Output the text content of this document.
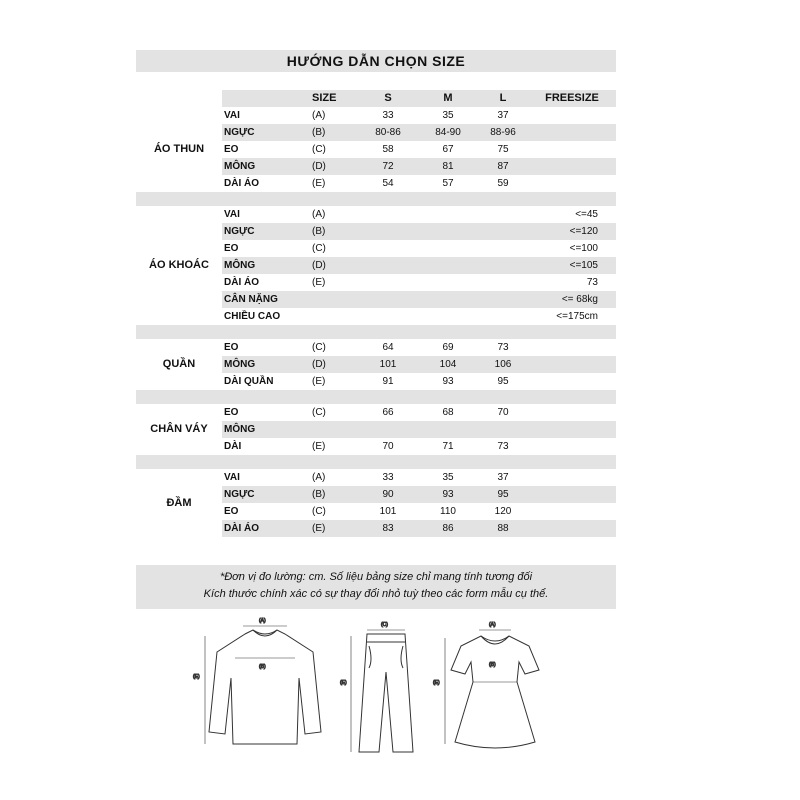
HƯỚNG DẪN CHỌN SIZE
		SIZE	S	M	L	FREESIZE
ÁO THUN	VAI	(A)	33	35	37	
	NGỰC	(B)	80-86	84-90	88-96	
	EO	(C)	58	67	75	
	MÔNG	(D)	72	81	87	
	DÀI ÁO	(E)	54	57	59	

ÁO KHOÁC	VAI	(A)				<=45
	NGỰC	(B)				<=120
	EO	(C)				<=100
	MÔNG	(D)				<=105
	DÀI ÁO	(E)				73
	CÂN NẶNG					<= 68kg
	CHIỀU CAO					<=175cm

QUẦN	EO	(C)	64	69	73	
	MÔNG	(D)	101	104	106	
	DÀI QUẦN	(E)	91	93	95	

CHÂN VÁY	EO	(C)	66	68	70	
	MÔNG					
	DÀI	(E)	70	71	73	

ĐẦM	VAI	(A)	33	35	37	
	NGỰC	(B)	90	93	95	
	EO	(C)	101	110	120	
	DÀI ÁO	(E)	83	86	88	
*Đơn vị đo lường: cm. Số liệu bảng size chỉ mang tính tương đối
Kích thước chính xác có sự thay đổi nhỏ tuỳ theo các form mẫu cụ thể.
(A)
(B)
(E)
(C)
(E)
(A)
(B)
(E)
